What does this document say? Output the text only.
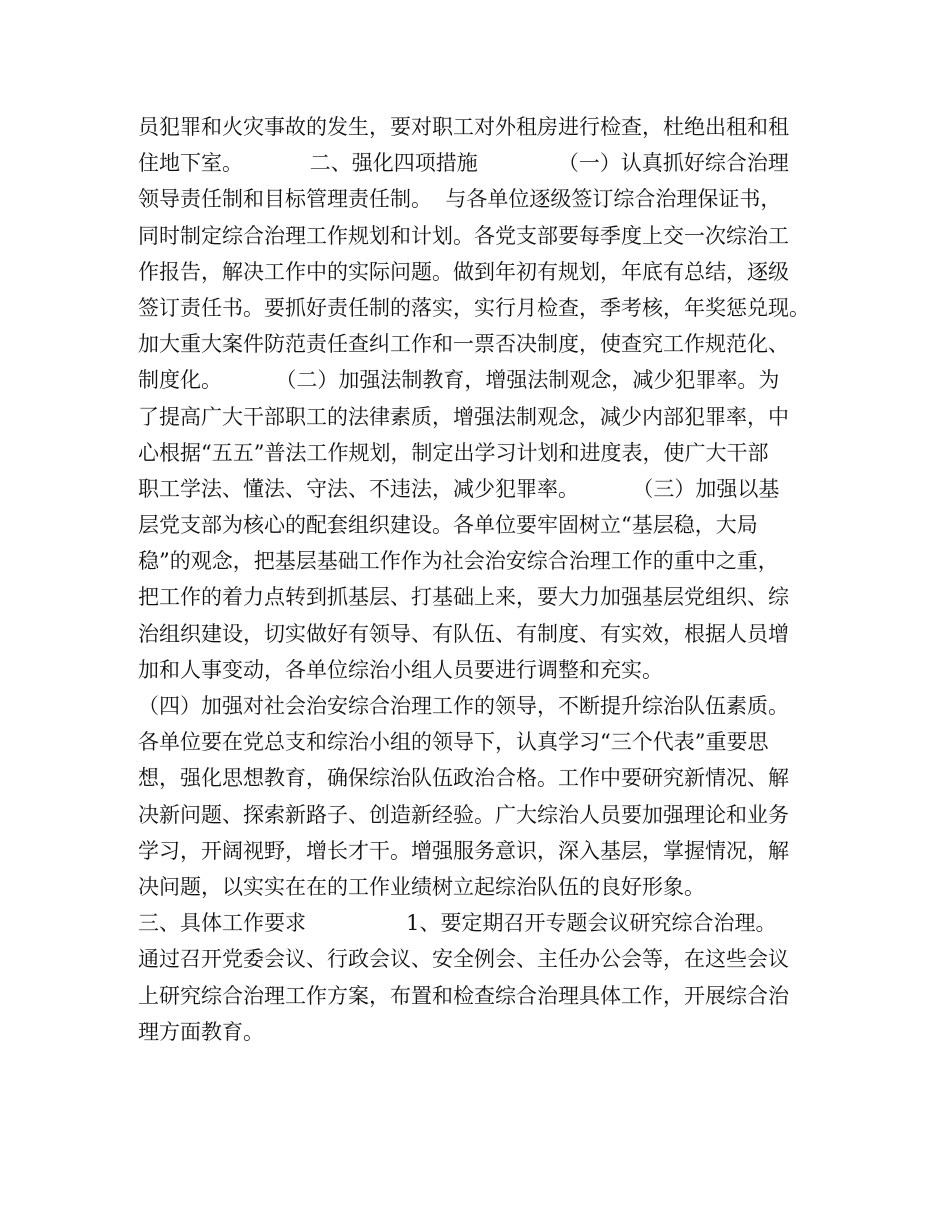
员犯罪和火灾事故的发生，要对职工对外租房进行检查，杜绝出租和租
住地下室。          二、强化四项措施            （一）认真抓好综合治理
领导责任制和目标管理责任制。  与各单位逐级签订综合治理保证书，
同时制定综合治理工作规划和计划。各党支部要每季度上交一次综治工
作报告，解决工作中的实际问题。做到年初有规划，年底有总结，逐级
签订责任书。要抓好责任制的落实，实行月检查，季考核，年奖惩兑现。
加大重大案件防范责任查纠工作和一票否决制度，使查究工作规范化、
制度化。        （二）加强法制教育，增强法制观念，减少犯罪率。为
了提高广大干部职工的法律素质，增强法制观念，减少内部犯罪率，中
心根据“五五”普法工作规划，制定出学习计划和进度表，使广大干部
职工学法、懂法、守法、不违法，减少犯罪率。        （三）加强以基
层党支部为核心的配套组织建设。各单位要牢固树立“基层稳，大局
稳”的观念，把基层基础工作作为社会治安综合治理工作的重中之重，
把工作的着力点转到抓基层、打基础上来，要大力加强基层党组织、综
治组织建设，切实做好有领导、有队伍、有制度、有实效，根据人员增
加和人事变动，各单位综治小组人员要进行调整和充实。
（四）加强对社会治安综合治理工作的领导，不断提升综治队伍素质。
各单位要在党总支和综治小组的领导下，认真学习“三个代表”重要思
想，强化思想教育，确保综治队伍政治合格。工作中要研究新情况、解
决新问题、探索新路子、创造新经验。广大综治人员要加强理论和业务
学习，开阔视野，增长才干。增强服务意识，深入基层，掌握情况，解
决问题，以实实在在的工作业绩树立起综治队伍的良好形象。
三、具体工作要求               1、要定期召开专题会议研究综合治理。
通过召开党委会议、行政会议、安全例会、主任办公会等，在这些会议
上研究综合治理工作方案，布置和检查综合治理具体工作，开展综合治
理方面教育。
